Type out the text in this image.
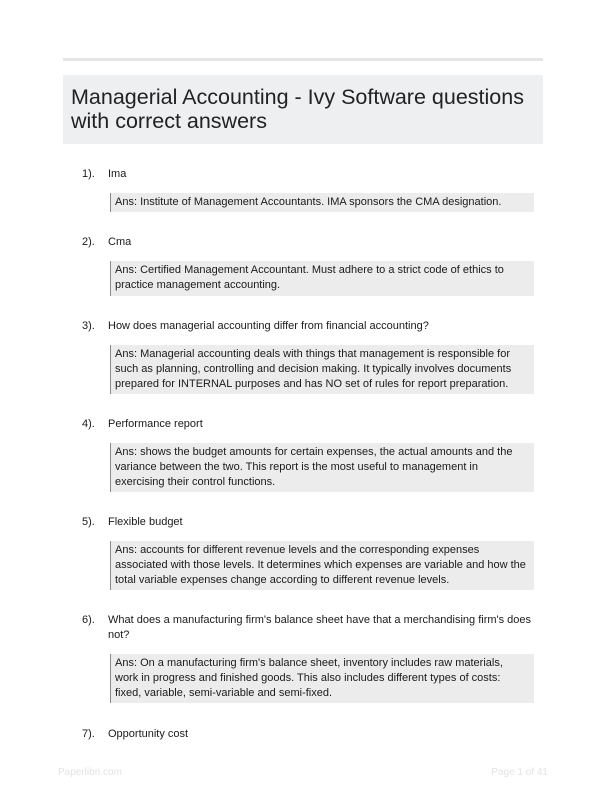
Managerial Accounting - Ivy Software questions with correct answers
1). Ima
Ans: Institute of Management Accountants. IMA sponsors the CMA designation.
2). Cma
Ans: Certified Management Accountant. Must adhere to a strict code of ethics to practice management accounting.
3). How does managerial accounting differ from financial accounting?
Ans: Managerial accounting deals with things that management is responsible for such as planning, controlling and decision making. It typically involves documents prepared for INTERNAL purposes and has NO set of rules for report preparation.
4). Performance report
Ans: shows the budget amounts for certain expenses, the actual amounts and the variance between the two. This report is the most useful to management in exercising their control functions.
5). Flexible budget
Ans: accounts for different revenue levels and the corresponding expenses associated with those levels. It determines which expenses are variable and how the total variable expenses change according to different revenue levels.
6). What does a manufacturing firm's balance sheet have that a merchandising firm's does not?
Ans: On a manufacturing firm's balance sheet, inventory includes raw materials, work in progress and finished goods. This also includes different types of costs: fixed, variable, semi-variable and semi-fixed.
7). Opportunity cost
Paperlibri.com	Page 1 of 41
